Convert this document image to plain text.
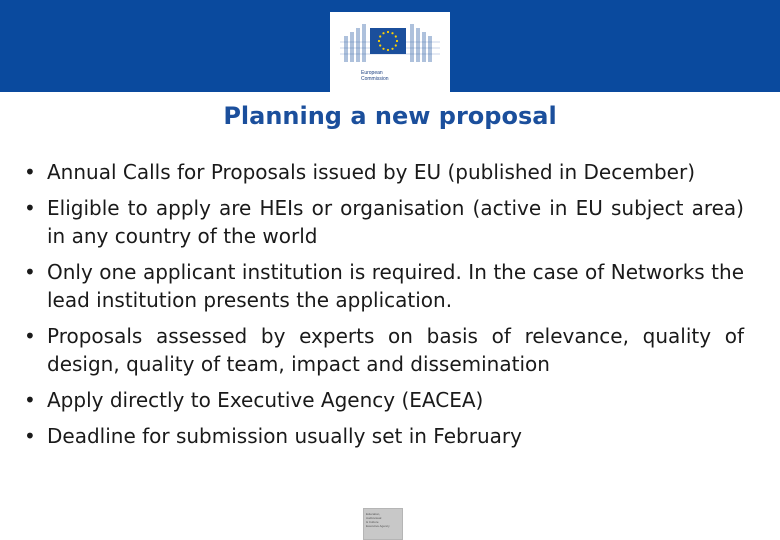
European
Commission
Planning a new proposal
• Annual Calls for Proposals issued by EU (published in December)
• Eligible to apply are HEIs or organisation (active in EU subject area) in any country of the world
• Only one applicant institution is required. In the case of Networks the lead institution presents the application.
• Proposals assessed by experts on basis of relevance, quality of design, quality of team, impact and dissemination
• Apply directly to Executive Agency (EACEA)
• Deadline for submission usually set in February
Education,
Audiovisual
& Culture
Executive Agency
